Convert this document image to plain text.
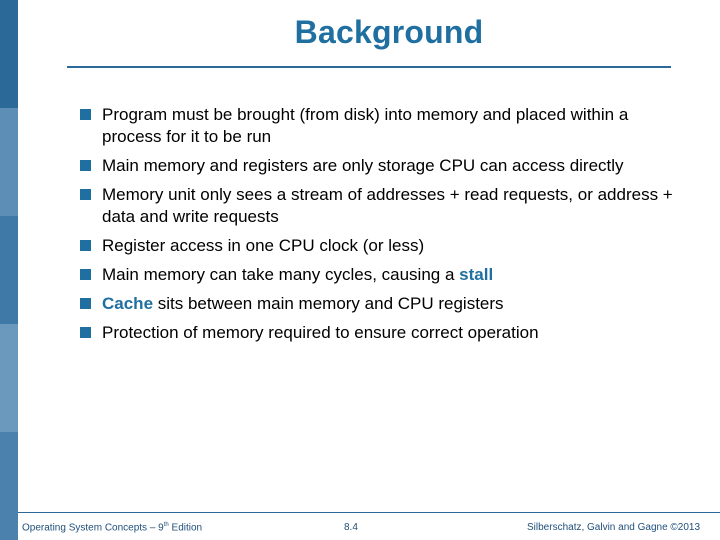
Background
Program must be brought (from disk) into memory and placed within a process for it to be run
Main memory and registers are only storage CPU can access directly
Memory unit only sees a stream of addresses + read requests, or address + data and write requests
Register access in one CPU clock (or less)
Main memory can take many cycles, causing a stall
Cache sits between main memory and CPU registers
Protection of memory required to ensure correct operation
Operating System Concepts – 9th Edition	8.4	Silberschatz, Galvin and Gagne ©2013
